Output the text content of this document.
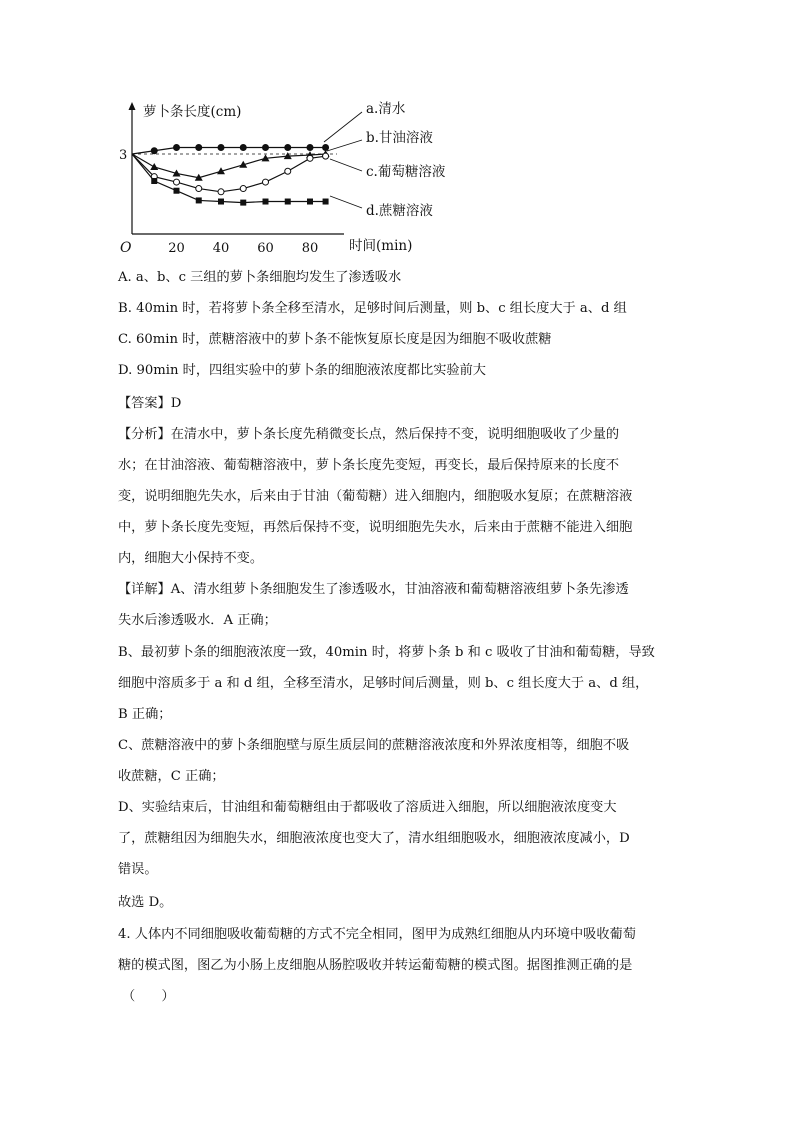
萝卜条长度(cm)
时间(min)
O
3
20 40 60 80
a.清水
b.甘油溶液
c.葡萄糖溶液
d.蔗糖溶液
A. a、b、c 三组的萝卜条细胞均发生了渗透吸水
B. 40min 时，若将萝卜条全移至清水，足够时间后测量，则 b、c 组长度大于 a、d 组
C. 60min 时，蔗糖溶液中的萝卜条不能恢复原长度是因为细胞不吸收蔗糖
D. 90min 时，四组实验中的萝卜条的细胞液浓度都比实验前大
【答案】D
【分析】在清水中，萝卜条长度先稍微变长点，然后保持不变，说明细胞吸收了少量的
水；在甘油溶液、葡萄糖溶液中，萝卜条长度先变短，再变长，最后保持原来的长度不
变，说明细胞先失水，后来由于甘油（葡萄糖）进入细胞内，细胞吸水复原；在蔗糖溶液
中，萝卜条长度先变短，再然后保持不变，说明细胞先失水，后来由于蔗糖不能进入细胞
内，细胞大小保持不变。
【详解】A、清水组萝卜条细胞发生了渗透吸水，甘油溶液和葡萄糖溶液组萝卜条先渗透
失水后渗透吸水．A 正确；
B、最初萝卜条的细胞液浓度一致，40min 时，将萝卜条 b 和 c 吸收了甘油和葡萄糖，导致
细胞中溶质多于 a 和 d 组，全移至清水，足够时间后测量，则 b、c 组长度大于 a、d 组，
B 正确；
C、蔗糖溶液中的萝卜条细胞壁与原生质层间的蔗糖溶液浓度和外界浓度相等，细胞不吸
收蔗糖，C 正确；
D、实验结束后，甘油组和葡萄糖组由于都吸收了溶质进入细胞，所以细胞液浓度变大
了，蔗糖组因为细胞失水，细胞液浓度也变大了，清水组细胞吸水，细胞液浓度减小，D
错误。
故选 D。
4. 人体内不同细胞吸收葡萄糖的方式不完全相同，图甲为成熟红细胞从内环境中吸收葡萄
糖的模式图，图乙为小肠上皮细胞从肠腔吸收并转运葡萄糖的模式图。据图推测正确的是
（　　）
